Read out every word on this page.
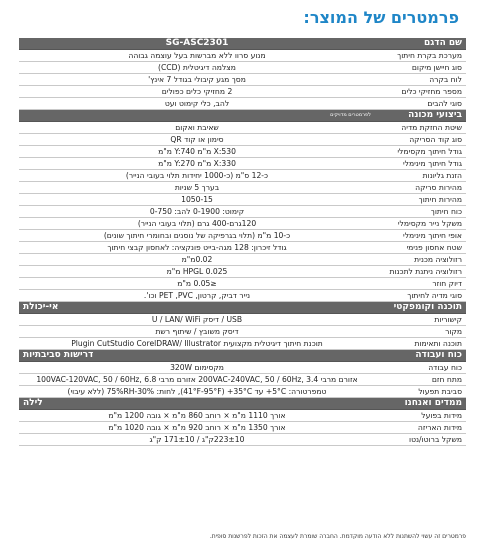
פרמטרים של המוצר:
שם הדגם	SG-ASC2301
מערכת בקרת חיתוך	מנוע סרוו ללא מברשות בעל עוצמה גבוהה
סוג חיישן מיקום	מצלמה דיגיטלית (CCD)
לוח בקרה	מסך מגע קיבולי בגודל 7 אינץ'
מספר מחזיקי כלים	2 מחזיקי כלים כפולים
סוגי להבים	להב, כלי קימוט ועט
ביצועי מכונה	לפרמטרים מדויקים
שיטת החזקת מדיה	שאיבת ואקום
סוג קוד הסריקה	סימון או קוד QR
גודל חיתוך מקסימלי	X:530 מ"מ Y:740 מ"מ
גודל חיתוך מינימלי	X:330 מ"מ Y:270 מ"מ
הזנת גליונות	כ-12 ס"מ (כ-1000 יחידות תלוי בעובי הנייר)
מהירות סריקה	בערך 5 שניות
מהירות חיתוך	1050-15
כוח חיתוך	קימוט: 0-1900 להב: 0-750
משקל נייר מקסימלי	120גרם-400 גרם (תלוי בעובי הנייר)
אופי חיתוך מינימלי	כ-10 מ"מ (תלוי בגרפיקה של נוסנים ובחומרי חיתוך שונים)
שטח אחסון פנימי	גודל זיכרון: 128 מגה-בייט פונקציה: לאחסון קבצי חיתוך
רזולוציה מכנית	0.02מ"מ
רזולוציה ניתנת לתכנות	HPGL 0.025 מ"מ
דיוק חוזר	≤0.05 מ"מ
סוגי מדיה לחיתוך	נייר דביק, קרטון, PET ,PVC וכו'.
תוכנה וקומפקטי	אי-יכולת
קישוריות	USB / דיסק U / LAN/ WiFi
מקור	דיסק משובץ / שיתוף רשת
תוכנה ותאימות	תוכנת חיתוך דיגיטלית מקצועית Plugin CutStudio CorelDRAW/ Illustrator
כוח ועבודה	דרישות סביבתיות
כוח עבודה	מקסימום 320W
מתח חזם	אזורם מרבי 3.4 ,200VAC-240VAC, 50 / 60Hz אזורם מרבי 6.8 ,100VAC-120VAC, 50 / 60Hz
סביבת תפעול	טמפרטורה: ‎+5°C עד ‎+35°C ‏(41°F-95°F), לחות: 30%-75%RH (ללא עיבוי)
ממדים ואנחנו	לילה
מידות בפועל	אורך 1110 מ"מ × רוחב 860 מ"מ × גובה 1200 מ"מ
מידות האריזה	אורך 1350 מ"מ × רוחב 920 מ"מ × גובה 1020 מ"מ
משקל ברוטו/נטו	223±10ק"ג / 171±10 ק"ג
פרמטרים זה עשוי להשתנות ללא הודעה מוקדמת. החברה שומרת לעצמה את הזכות לפרשנות סופית.
